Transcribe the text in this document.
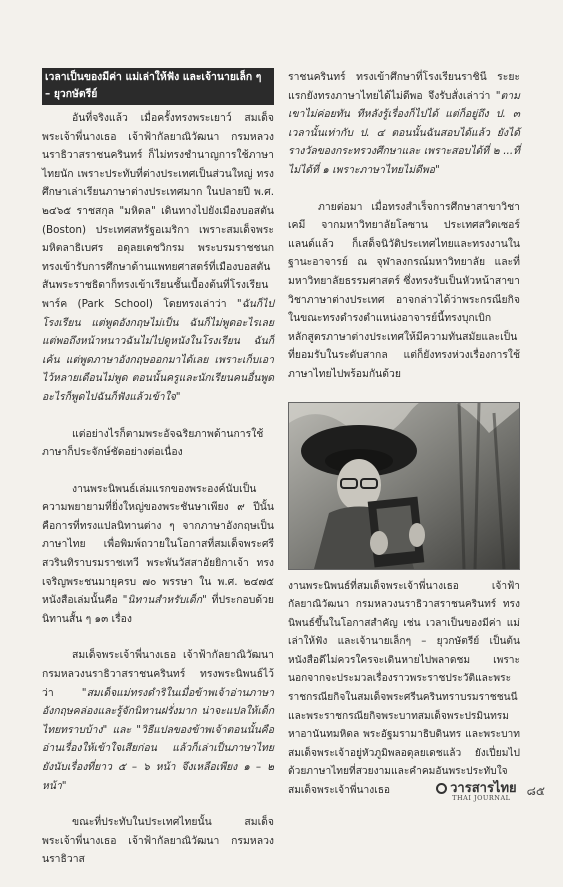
เวลาเป็นของมีค่า แม่เล่าให้ฟัง และเจ้านายเล็ก ๆ – ยุวกษัตรีย์

อันที่จริงแล้ว เมื่อครั้งทรงพระเยาว์ สมเด็จพระเจ้าพี่นางเธอ เจ้าฟ้ากัลยาณิวัฒนา กรมหลวงนราธิวาสราชนครินทร์ ก็ไม่ทรงชำนาญการใช้ภาษาไทยนัก เพราะประทับที่ต่างประเทศเป็นส่วนใหญ่ ทรงศึกษาเล่าเรียนภาษาต่างประเทศมาก ในปลายปี พ.ศ. ๒๔๖๕ ราชสกุล "มหิดล" เดินทางไปยังเมืองบอสตัน (Boston) ประเทศสหรัฐอเมริกา เพราะสมเด็จพระมหิตลาธิเบศร อดุลยเดชวิกรม พระบรมราชชนก ทรงเข้ารับการศึกษาด้านแพทยศาสตร์ที่เมืองบอสตัน สันพระราชธิดาก็ทรงเข้าเรียนชั้นเบื้องต้นที่โรงเรียนพาร์ค (Park School) โดยทรงเล่าว่า "ฉันก็ไปโรงเรียน แต่พูดอังกฤษไม่เป็น ฉันก็ไม่พูดอะไรเลย แต่พอถึงหน้าหนาวฉันไม่ไปดูหนังในโรงเรียน ฉันก็เค้น แต่พูดภาษาอังกฤษออกมาได้เลย เพราะเก็บเอาไว้หลายเดือนไม่พูด ตอนนั้นครูและนักเรียนคนอื่นพูดอะไรก็พูดไปฉันก็ฟังแล้วเข้าใจ"

แต่อย่างไรก็ตามพระอัจฉริยภาพด้านการใช้ภาษาก็ประจักษ์ชัดอย่างต่อเนื่อง

งานพระนิพนธ์เล่มแรกของพระองค์นับเป็นความพยายามที่ยิ่งใหญ่ของพระชันษาเพียง ๙ ปีนั้นคือการที่ทรงแปลนิทานต่าง ๆ จากภาษาอังกฤษเป็นภาษาไทย เพื่อพิมพ์ถวายในโอกาสที่สมเด็จพระศรีสวรินทิราบรมราชเทวี พระพันวัสสาอัยยิกาเจ้า ทรงเจริญพระชนมายุครบ ๗๐ พรรษา ใน พ.ศ. ๒๔๗๕ หนังสือเล่มนั้นคือ "นิทานสำหรับเด็ก" ที่ประกอบด้วยนิทานสั้น ๆ ๑๓ เรื่อง

สมเด็จพระเจ้าพี่นางเธอ เจ้าฟ้ากัลยาณิวัฒนา กรมหลวงนราธิวาสราชนครินทร์ ทรงพระนิพนธ์ไว้ว่า	"สมเด็จแม่ทรงดำริในเมื่อข้าพเจ้าอ่านภาษาอังกฤษคล่องและรู้จักนิทานฝรั่งมาก น่าจะแปลให้เด็กไทยทราบบ้าง" และ "วิธีแปลของข้าพเจ้าตอนนั้นคือ อ่านเรื่องให้เข้าใจเสียก่อน แล้วก็เล่าเป็นภาษาไทย ยังนับเรื่องที่ยาว ๕ – ๖ หน้า จึงเหลือเพียง ๑ – ๒ หน้า"

ขณะที่ประทับในประเทศไทยนั้น สมเด็จพระเจ้าพี่นางเธอ เจ้าฟ้ากัลยาณิวัฒนา กรมหลวงนราธิวาส

ราชนครินทร์ ทรงเข้าศึกษาที่โรงเรียนราชินี ระยะแรกยังทรงภาษาไทยได้ไม่ดีพอ จึงรับสั่งเล่าว่า "ตามเขาไม่ค่อยทัน ทีหลังรู้เรื่องก็ไปได้ แต่ก็อยู่ถึง ป. ๓ เวลานั้นเท่ากับ ป. ๔ ตอนนั้นฉันสอบได้แล้ว ยังได้รางวัลของกระทรวงศึกษาและ เพราะสอบได้ที่ ๒ ...ที่ไม่ได้ที่ ๑ เพราะภาษาไทยไม่ดีพอ"

ภายต่อมา เมื่อทรงสำเร็จการศึกษาสาขาวิชาเคมี จากมหาวิทยาลัยโลซาน ประเทศสวิตเซอร์แลนด์แล้ว ก็เสด็จนิวัติประเทศไทยและทรงงานในฐานะอาจารย์ ณ จุฬาลงกรณ์มหาวิทยาลัย และที่มหาวิทยาลัยธรรมศาสตร์ ซึ่งทรงรับเป็นหัวหน้าสาขาวิชาภาษาต่างประเทศ อาจกล่าวได้ว่าพระกรณียกิจในขณะทรงดำรงตำแหน่งอาจารย์นี้ทรงบุกเบิกหลักสูตรภาษาต่างประเทศให้มีความทันสมัยและเป็นที่ยอมรับในระดับสากล แต่ก็ยังทรงห่วงเรื่องการใช้ภาษาไทยไปพร้อมกันด้วย

งานพระนิพนธ์ที่สมเด็จพระเจ้าพี่นางเธอ เจ้าฟ้ากัลยาณิวัฒนา กรมหลวงนราธิวาสราชนครินทร์ ทรงนิพนธ์ขึ้นในโอกาสสำคัญ เช่น เวลาเป็นของมีค่า แม่เล่าให้ฟัง และเจ้านายเล็กๆ – ยุวกษัตรีย์ เป็นต้นหนังสือดีไม่ควรใครจะเดินหายไปพลาดชม เพราะนอกจากจะประมวลเรื่องราวพระราชประวัติและพระราชกรณียกิจในสมเด็จพระศรีนครินทราบรมราชชนนี และพระราชกรณียกิจพระบาทสมเด็จพระปรมินทรมหาอานันทมหิดล พระอัฐมรามาธิบดินทร และพระบาทสมเด็จพระเจ้าอยู่หัวภูมิพลอดุลยเดชแล้ว ยังเปี่ยมไปด้วยภาษาไทยที่สวยงามและคำคมอันพระประทับใจ สมเด็จพระเจ้าพี่นางเธอ	วารสารไทย
THAI JOURNAL ๘๕
